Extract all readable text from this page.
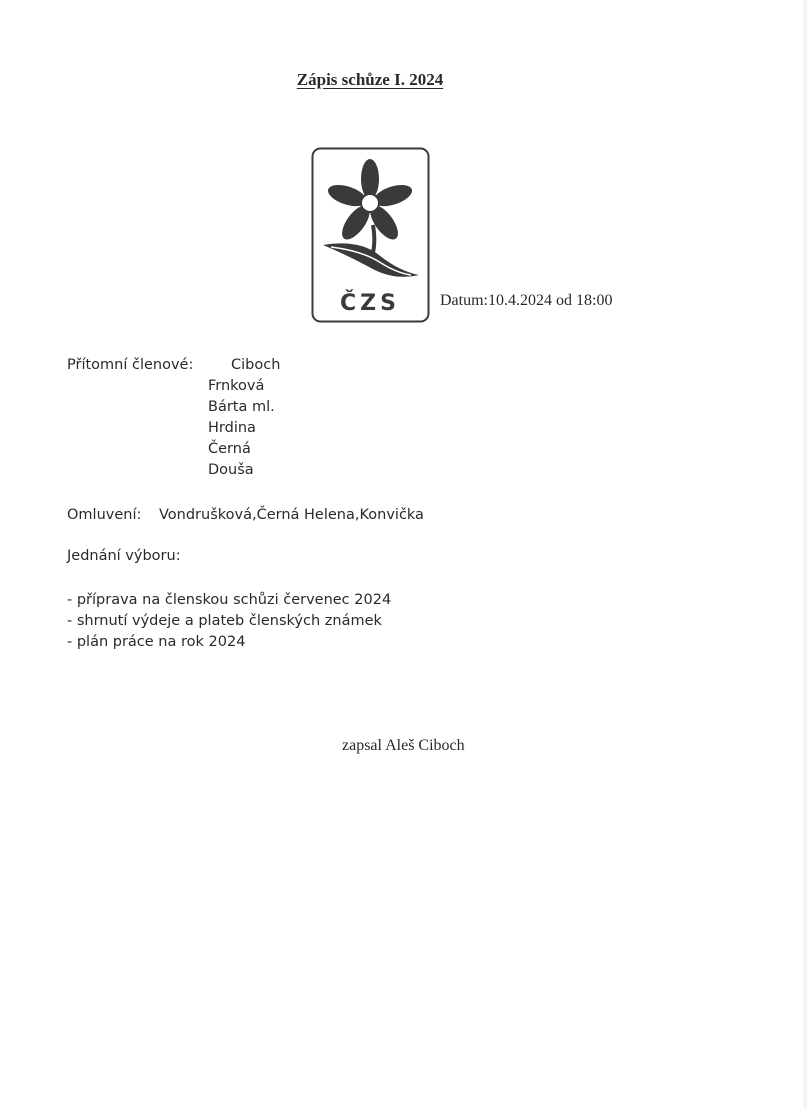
Zápis schůze I. 2024
ČZS	Datum:10.4.2024 od 18:00
Přítomní členové:	Ciboch
Frnková
Bárta ml.
Hrdina
Černá
Douša
Omluvení: Vondrušková,Černá Helena,Konvička
Jednání výboru:
- příprava na členskou schůzi červenec 2024
- shrnutí výdeje a plateb členských známek
- plán práce na rok 2024
zapsal Aleš Ciboch
